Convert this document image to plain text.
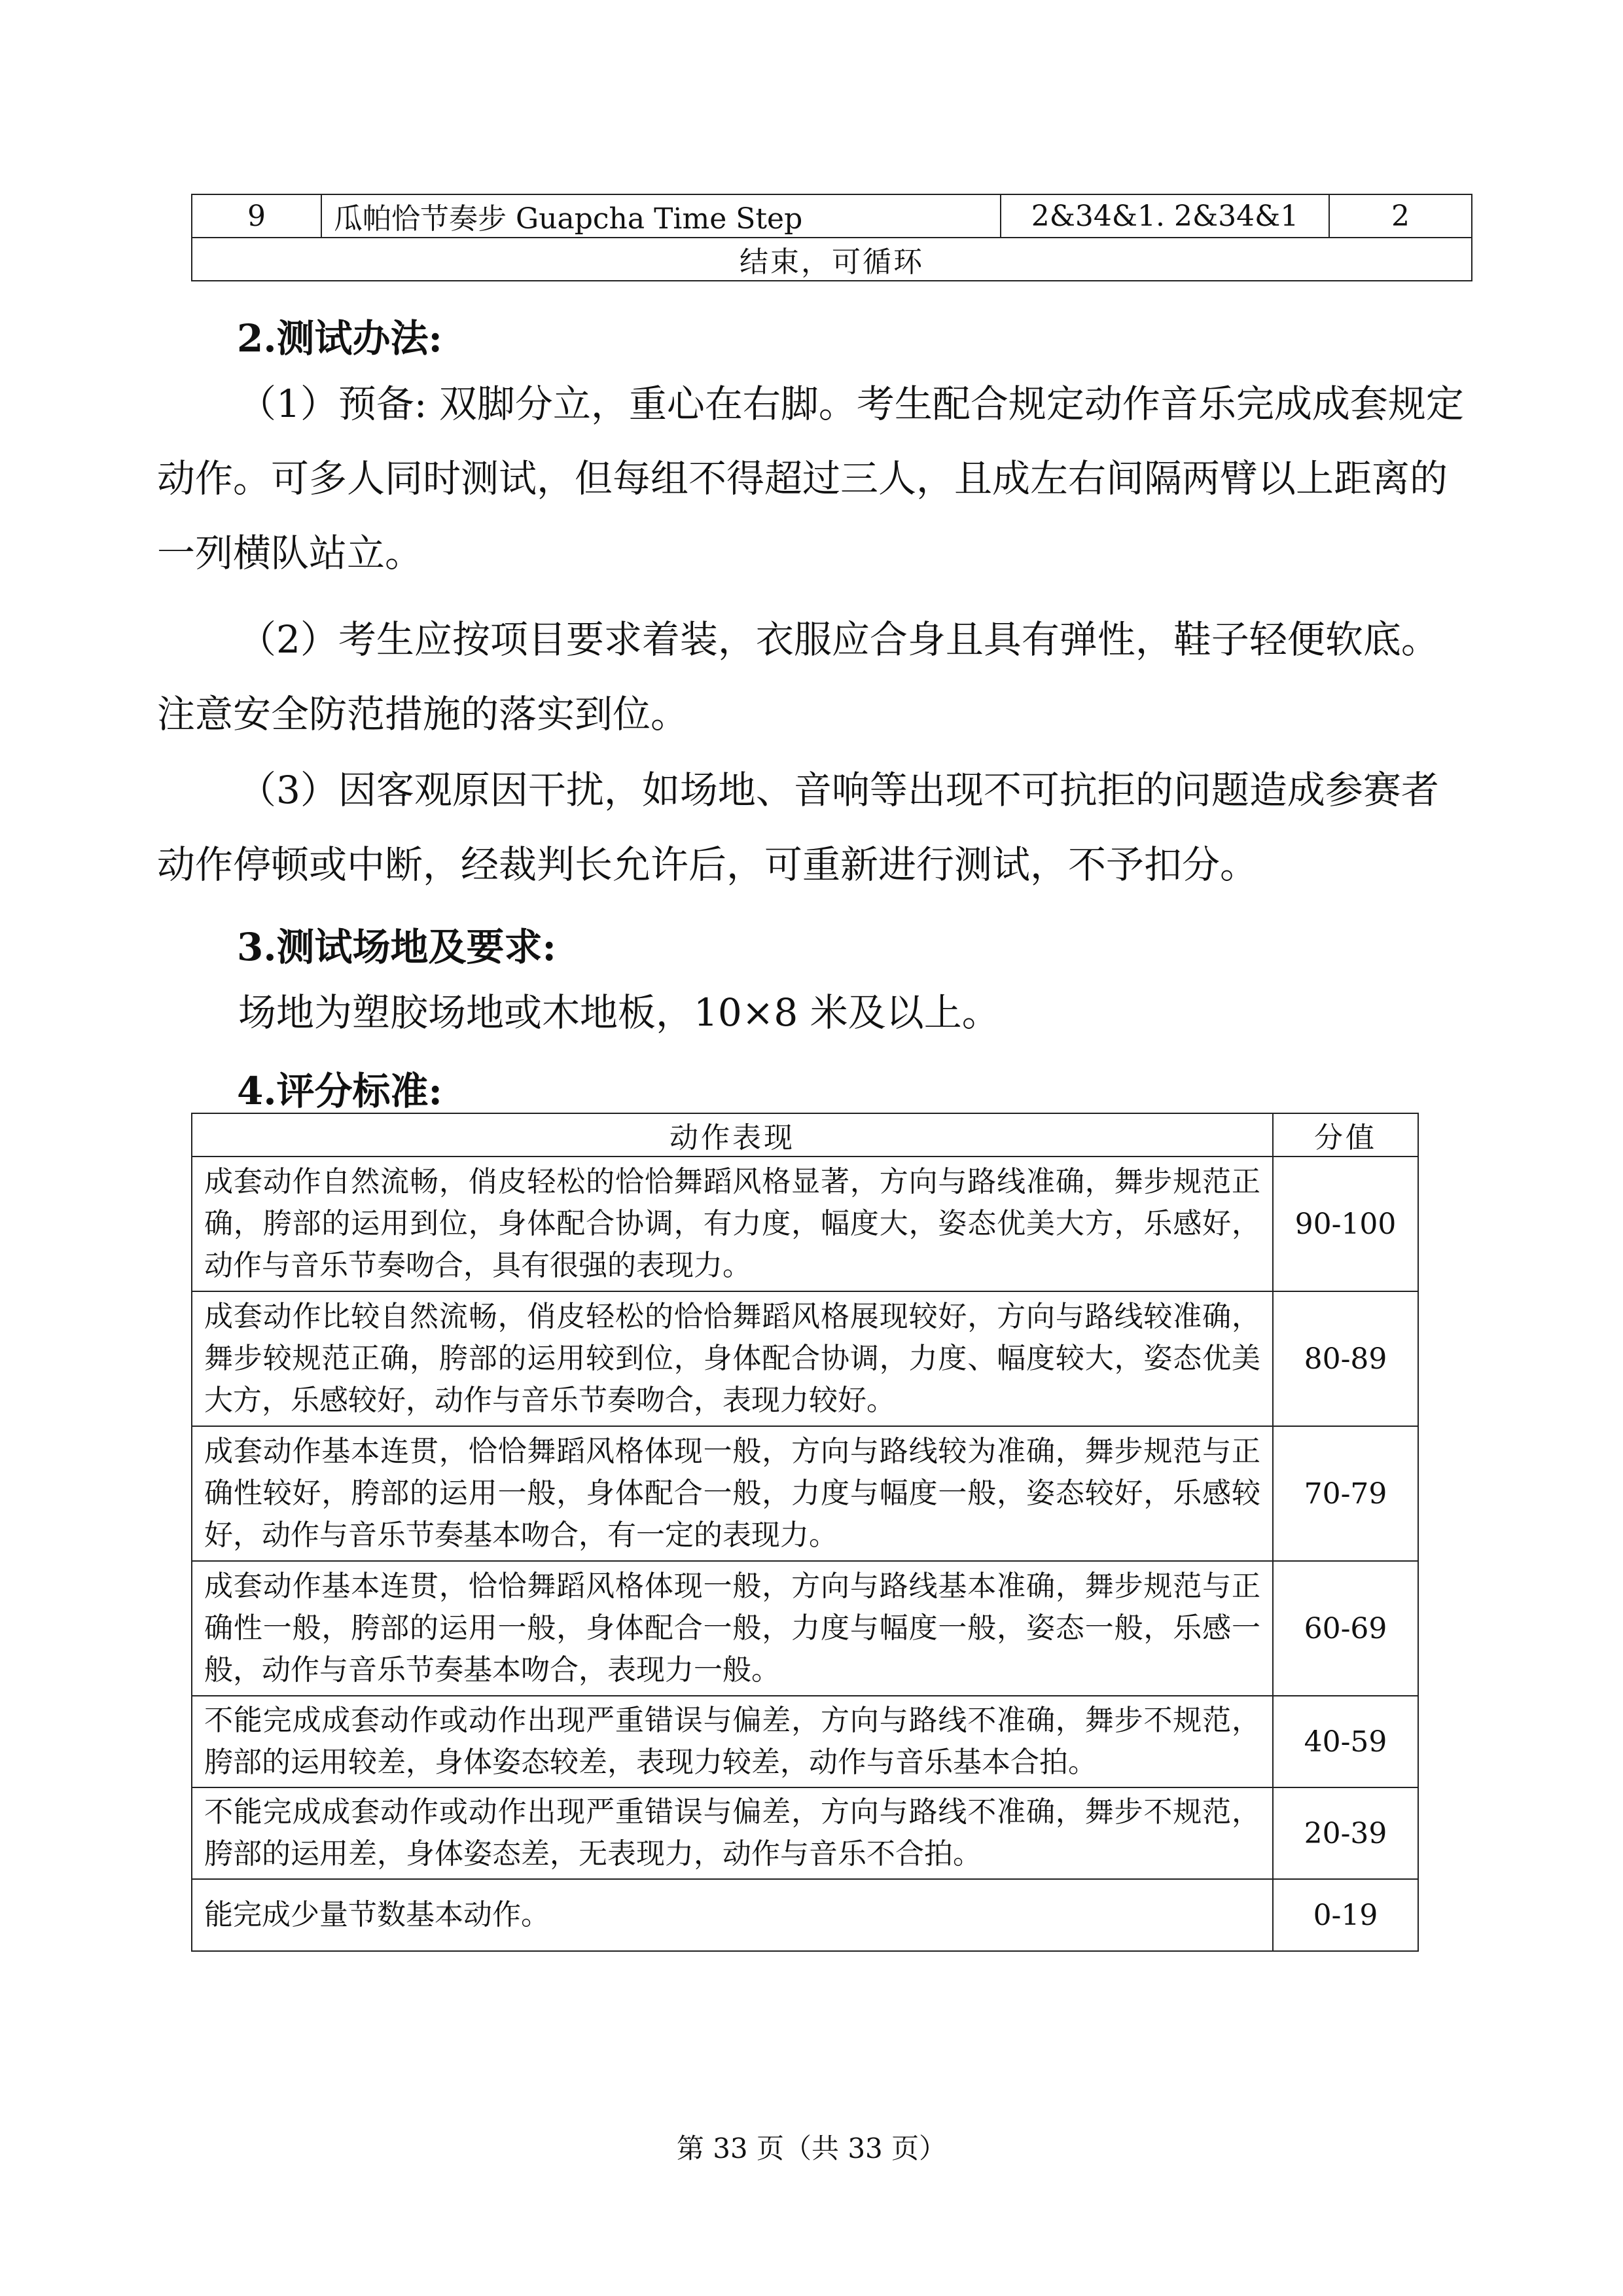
9	瓜帕恰节奏步 Guapcha Time Step	2&34&1. 2&34&1	2
结束，可循环

2.测试办法:

（1）预备: 双脚分立，重心在右脚。考生配合规定动作音乐完成成套规定动作。可多人同时测试，但每组不得超过三人，且成左右间隔两臂以上距离的一列横队站立。

（2）考生应按项目要求着装，衣服应合身且具有弹性，鞋子轻便软底。注意安全防范措施的落实到位。

（3）因客观原因干扰，如场地、音响等出现不可抗拒的问题造成参赛者动作停顿或中断，经裁判长允许后，可重新进行测试，不予扣分。

3.测试场地及要求:

场地为塑胶场地或木地板，10×8 米及以上。

4.评分标准:

动作表现	分值
成套动作自然流畅，俏皮轻松的恰恰舞蹈风格显著，方向与路线准确，舞步规范正确，胯部的运用到位，身体配合协调，有力度，幅度大，姿态优美大方，乐感好，动作与音乐节奏吻合，具有很强的表现力。	90-100
成套动作比较自然流畅，俏皮轻松的恰恰舞蹈风格展现较好，方向与路线较准确，舞步较规范正确，胯部的运用较到位，身体配合协调，力度、幅度较大，姿态优美大方，乐感较好，动作与音乐节奏吻合，表现力较好。	80-89
成套动作基本连贯，恰恰舞蹈风格体现一般，方向与路线较为准确，舞步规范与正确性较好，胯部的运用一般，身体配合一般，力度与幅度一般，姿态较好，乐感较好，动作与音乐节奏基本吻合，有一定的表现力。	70-79
成套动作基本连贯，恰恰舞蹈风格体现一般，方向与路线基本准确，舞步规范与正确性一般，胯部的运用一般，身体配合一般，力度与幅度一般，姿态一般，乐感一般，动作与音乐节奏基本吻合，表现力一般。	60-69
不能完成成套动作或动作出现严重错误与偏差，方向与路线不准确，舞步不规范，胯部的运用较差，身体姿态较差，表现力较差，动作与音乐基本合拍。	40-59
不能完成成套动作或动作出现严重错误与偏差，方向与路线不准确，舞步不规范，胯部的运用差，身体姿态差，无表现力，动作与音乐不合拍。	20-39
能完成少量节数基本动作。	0-19
第 33 页（共 33 页）
